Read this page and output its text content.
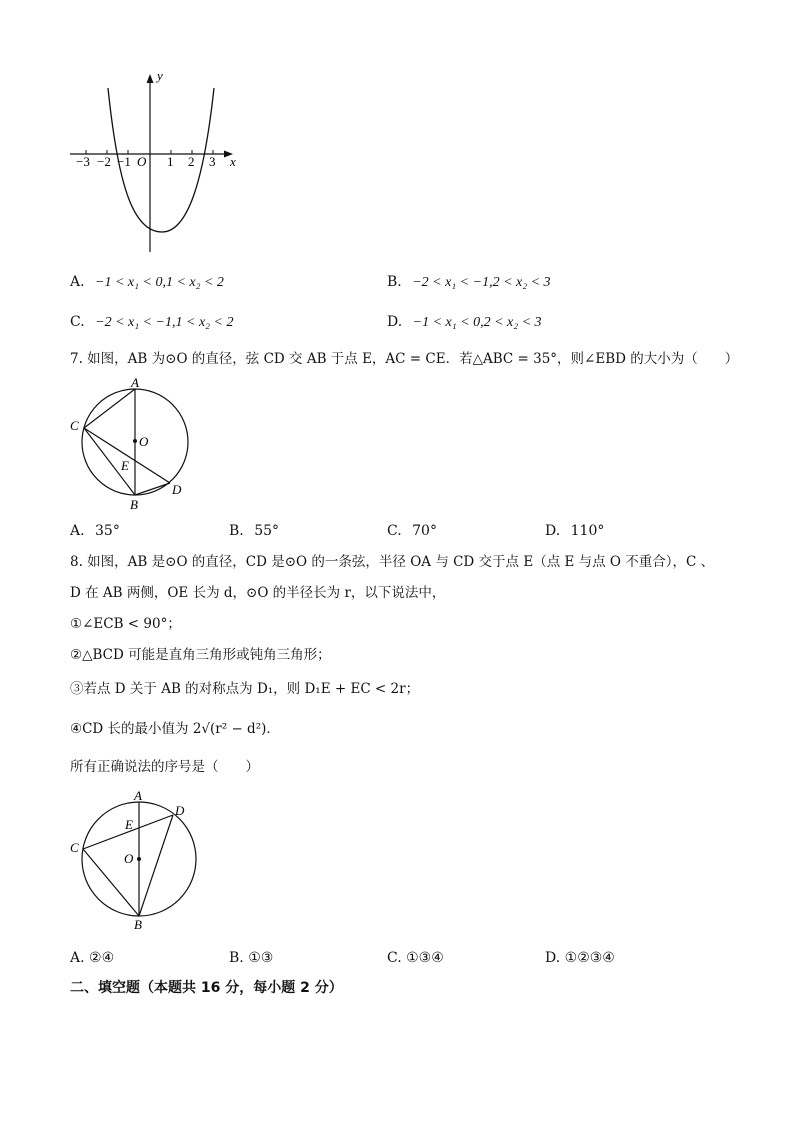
y
x
O
−3 −2 −1	1 2 3
A. −1 < x₁ < 0,1 < x₂ < 2	B. −2 < x₁ < −1,2 < x₂ < 3
C. −2 < x₁ < −1,1 < x₂ < 2	D. −1 < x₁ < 0,2 < x₂ < 3
7. 如图，AB 为⊙O 的直径，弦 CD 交 AB 于点 E，AC = CE．若△ABC = 35°，则∠EBD 的大小为（　　）
A
C
O
E
D
B
A. 35°	B. 55°	C. 70°	D. 110°
8. 如图，AB 是⊙O 的直径，CD 是⊙O 的一条弦，半径 OA 与 CD 交于点 E（点 E 与点 O 不重合），C 、
D 在 AB 两侧，OE 长为 d，⊙O 的半径长为 r，以下说法中，
①∠ECB < 90°；
②△BCD 可能是直角三角形或钝角三角形；
③若点 D 关于 AB 的对称点为 D₁，则 D₁E + EC < 2r；
④CD 长的最小值为 2√(r² − d²)．
所有正确说法的序号是（　　）
A
D
E
C
O
B
A. ②④	B. ①③	C. ①③④	D. ①②③④
二、填空题（本题共 16 分，每小题 2 分）
